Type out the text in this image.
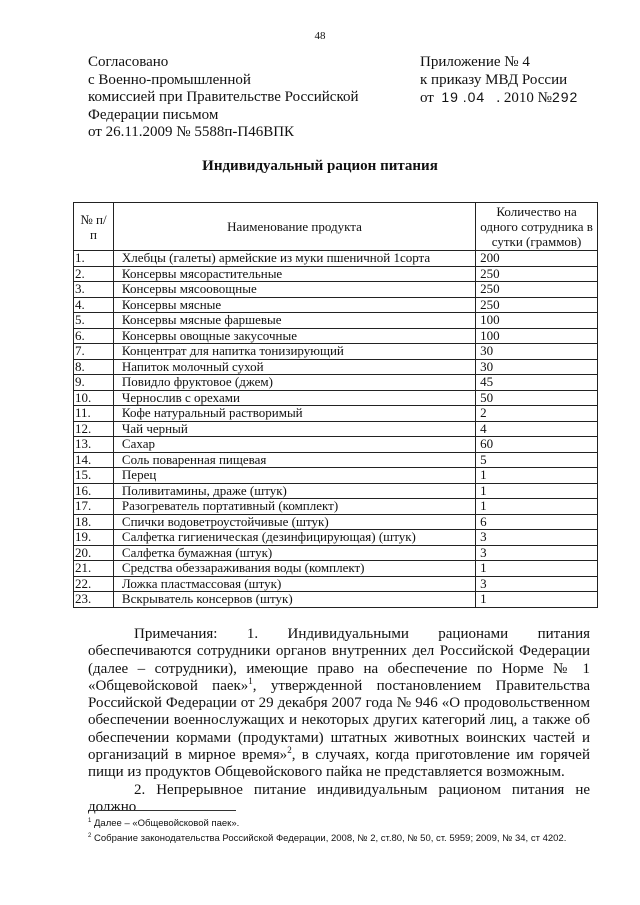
48
Согласовано
с Военно-промышленной
комиссией при Правительстве Российской
Федерации письмом
от 26.11.2009 № 5588п-П46ВПК
Приложение № 4
к приказу МВД России
от 19 .04 . 2010 №292
Индивидуальный рацион питания
№ п/п	Наименование продукта	Количество на одного сотрудника в сутки (граммов)
1.	Хлебцы (галеты) армейские из муки пшеничной 1сорта	200
2.	Консервы мясорастительные	250
3.	Консервы мясоовощные	250
4.	Консервы мясные	250
5.	Консервы мясные фаршевые	100
6.	Консервы овощные закусочные	100
7.	Концентрат для напитка тонизирующий	30
8.	Напиток молочный сухой	30
9.	Повидло фруктовое (джем)	45
10.	Чернослив с орехами	50
11.	Кофе натуральный растворимый	2
12.	Чай черный	4
13.	Сахар	60
14.	Соль поваренная пищевая	5
15.	Перец	1
16.	Поливитамины, драже (штук)	1
17.	Разогреватель портативный (комплект)	1
18.	Спички водоветроустойчивые (штук)	6
19.	Салфетка гигиеническая (дезинфицирующая) (штук)	3
20.	Салфетка бумажная (штук)	3
21.	Средства обеззараживания воды (комплект)	1
22.	Ложка пластмассовая (штук)	3
23.	Вскрыватель консервов (штук)	1

Примечания: 1. Индивидуальными рационами питания обеспечиваются сотрудники органов внутренних дел Российской Федерации (далее – сотрудники), имеющие право на обеспечение по Норме № 1 «Общевойсковой паек»$^1$, утвержденной постановлением Правительства Российской Федерации от 29 декабря 2007 года № 946 «О продовольственном обеспечении военнослужащих и некоторых других категорий лиц, а также об обеспечении кормами (продуктами) штатных животных воинских частей и организаций в мирное время»$^2$, в случаях, когда приготовление им горячей пищи из продуктов Общевойскового пайка не представляется возможным.

2. Непрерывное питание индивидуальным рационом питания не должно

$^1$ Далее – «Общевойсковой паек».
$^2$ Собрание законодательства Российской Федерации, 2008, № 2, ст.80, № 50, ст. 5959; 2009, № 34, ст 4202.
